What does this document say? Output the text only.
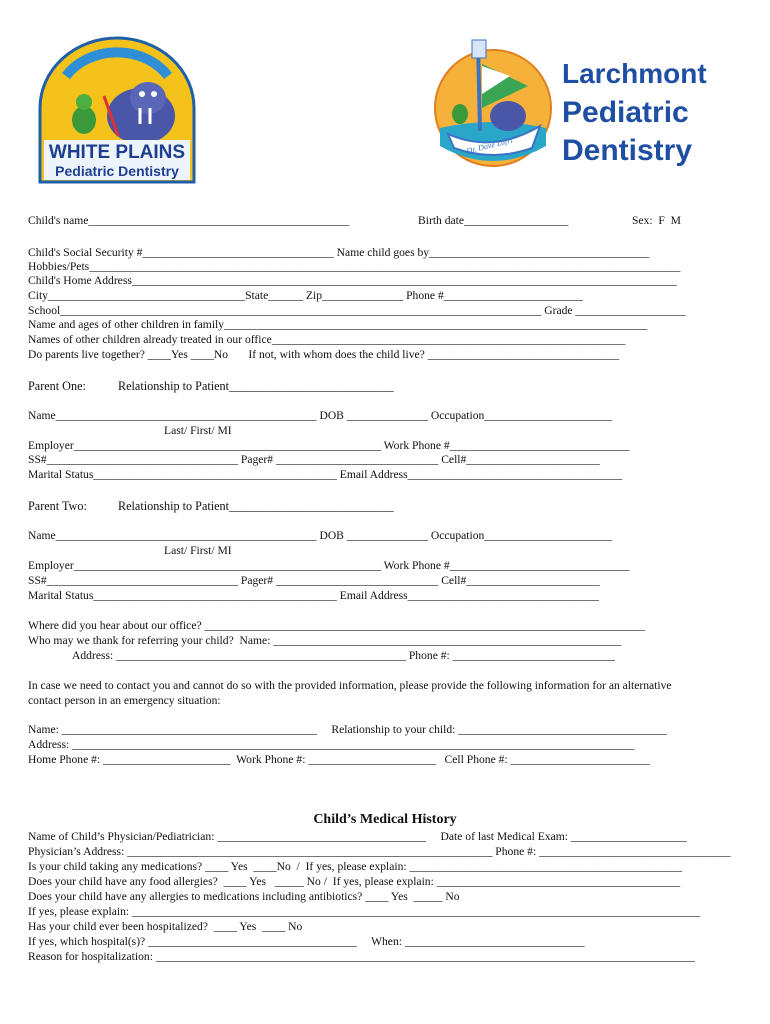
WHITE PLAINS
Pediatric Dentistry
Dr. Dave Zufri
Larchmont
Pediatric
Dentistry
Child's name_____________________________________________	Birth date__________________	Sex:  F  M
Child's Social Security #_________________________________ Name child goes by______________________________________
Hobbies/Pets______________________________________________________________________________________________________
Child's Home Address______________________________________________________________________________________________
City__________________________________State______ Zip______________ Phone #________________________
School___________________________________________________________________________________ Grade ___________________
Name and ages of other children in family_________________________________________________________________________
Names of other children already treated in our office_____________________________________________________________
Do parents live together? ____Yes ____No       If not, with whom does the child live? _________________________________
Parent One:	Relationship to Patient___________________________
Name_____________________________________________ DOB ______________ Occupation______________________
Last/ First/ MI
Employer_____________________________________________________ Work Phone #_______________________________
SS#_________________________________ Pager# ____________________________ Cell#_______________________
Marital Status__________________________________________ Email Address_____________________________________
Parent Two:	Relationship to Patient___________________________
Name_____________________________________________ DOB ______________ Occupation______________________
Last/ First/ MI
Employer_____________________________________________________ Work Phone #_______________________________
SS#_________________________________ Pager# ____________________________ Cell#_______________________
Marital Status__________________________________________ Email Address_________________________________
Where did you hear about our office? ____________________________________________________________________________
Who may we thank for referring your child?  Name: ____________________________________________________________
Address: __________________________________________________ Phone #: ____________________________
In case we need to contact you and cannot do so with the provided information, please provide the following information for an alternative
contact person in an emergency situation:
Name: ____________________________________________     Relationship to your child: ____________________________________
Address: _________________________________________________________________________________________________
Home Phone #: ______________________  Work Phone #: ______________________   Cell Phone #: ________________________
Child’s Medical History
Name of Child’s Physician/Pediatrician: ____________________________________     Date of last Medical Exam: ____________________
Physician’s Address: _______________________________________________________________ Phone #: _________________________________
Is your child taking any medications? ____ Yes  ____No  /  If yes, please explain: _______________________________________________
Does your child have any food allergies?  ____ Yes   _____ No /  If yes, please explain: __________________________________________
Does your child have any allergies to medications including antibiotics? ____ Yes  _____ No
If yes, please explain: __________________________________________________________________________________________________
Has your child ever been hospitalized?  ____ Yes  ____ No
If yes, which hospital(s)? ____________________________________     When: _______________________________
Reason for hospitalization: _____________________________________________________________________________________________
